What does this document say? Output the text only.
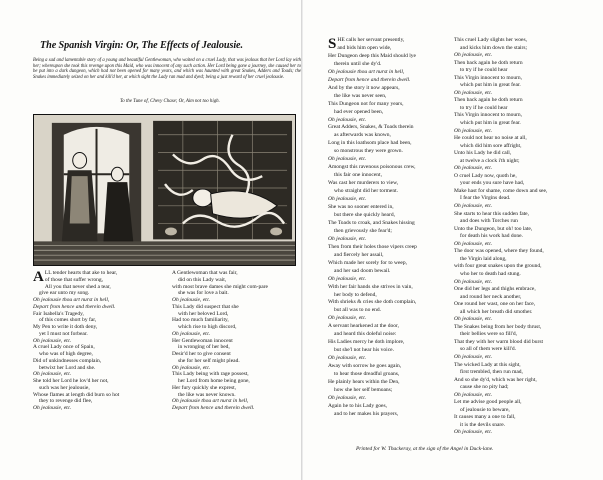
The Spanish Virgin: Or, The Effects of Jealousie.
Being a sad and lamentable story of a young and beautiful Gentlewoman, who waited on a cruel Lady, that was jealous that her Lord lay with her; whereupon she took this revenge upon this Maid, who was innocent of any such action. Her Lord being gone a journey, she caused her to be put into a dark dungeon, which had not been opened for many years, and which was haunted with great Snakes, Adders and Toads; the Snakes immediately seized on her and kill'd her, at which sight the Lady ran mad and dyed; being a just reward of her cruel jealousie.
To the Tune of, Chevy Chase; Or, Aim not too high.
ALL tender hearts that ake to hear,
of those that suffer wrong,
All you that never shed a tear,
give ear unto my song.
Oh jealousie thou art nurst in hell,
Depart from hence and therein dwell.
Fair Isabella's Tragedy,
of this comes short by far,
My Pen to write it doth deny,
yet I must not forbear.
Oh jealousie, etc.
A cruel Lady once of Spain,
who was of high degree,
Did of unkindnesses complain,
betwixt her Lord and she.
Oh jealousie, etc.
She told her Lord he lov'd her not,
such was her jealousie,
Whose flames at length did burn so hot
they to revenge did flee,
Oh jealousie, etc.
A Gentlewoman that was fair,
did on this Lady wait,
with most brave dames she might com-pare
she was for love a bait.
Oh jealousie, etc.
This Lady did suspect that she
with her beloved Lord,
Had too much familiarity,
which rise to high discord,
Oh jealousie, etc.
Her Gentlewoman innocent
in wronging of her bed,
Desir'd her to give consent
she for her self might plead.
Oh jealousie, etc.
This Lady being with rage possest,
her Lord from home being gone,
Her fury quickly she exprest,
the like was never known.
Oh jealousie thou art nurst in hell,
Depart from hence and therein dwell.
SHE calls her servant presently,
and bids him open wide,
Her Dungeon deep this Maid should lye
therein until she dy'd.
Oh jealousie thou art nurst in hell,
Depart from hence and therein dwell.
And by the story it now appears,
the like was never seen,
This Dungeon not for many years,
had ever opened been,
Oh jealousie, etc.
Great Adders, Snakes, & Toads therein
as afterwards was known,
Long in this loathsom place had been,
so monstrous they were grown.
Oh jealousie, etc.
Amongst this ravenous poisonous crew,
this fair one innocent,
Was cast her murderers to view,
who straight did her torment.
Oh jealousie, etc.
She was no sooner entered in,
but there she quickly heard,
The Toads to croak, and Snakes hissing
then grievously she fear'd;
Oh jealousie, etc.
Then from their holes those vipers creep
and fiercely her assail,
Which made her sorely for to weep,
and her sad doom bewail.
Oh jealousie, etc.
With her fair hands she strives in vain,
her body to defend,
With shrieks & cries she doth complain,
but all was to no end.
Oh jealousie, etc.
A servant hearkened at the door,
and heard this doleful noise:
His Ladies mercy he doth implore,
but she'l not hear his voice.
Oh jealousie, etc.
Away with sorrow he goes again,
to hear those dreadful groans,
He plainly hears within the Den,
how she her self bemoans;
Oh jealousie, etc.
Again he to his Lady goes,
and to her makes his prayers,
This cruel Lady slights her woes,
and kicks him down the stairs;
Oh jealousie, etc.
Then back again he doth return
to try if he could hear
This Virgin innocent to mourn,
which put him in great fear.
Oh jealousie, etc.
Then back again he doth return
to try if he could hear
This Virgin innocent to mourn,
which put him in great fear.
Oh jealousie, etc.
He could not hear no noise at all,
which did him sore affright,
Unto his Lady he did call,
at twelve a clock i'th night;
Oh jealousie, etc.
O cruel Lady now, quoth he,
your ends you sure have had,
Make hast for shame, come down and see,
I fear the Virgins dead.
Oh jealousie, etc.
She starts to hear this sudden fate,
and does with Torches run
Unto the Dungeon, but oh! too late,
for death his work had done.
Oh jealousie, etc.
The door was opened, where they found,
the Virgin laid along,
with four great snakes upon the ground,
who her to death had stung.
Oh jealousie, etc.
One did her legs and thighs embrace,
and round her neck another,
One round her wast, one on her face,
all which her breath did smother.
Oh jealousie, etc.
The Snakes being from her body thrust,
their bellies were so fill'd,
That they with her warm blood did burst
so all of them were kill'd.
Oh jealousie, etc.
The wicked Lady at this sight,
first trembled, then run mad,
And so she dy'd, which was her right,
cause she no pity had;
Oh jealousie, etc.
Let me advise good people all,
of jealousie to beware,
It causes many a one to fall,
it is the devils snare.
Oh jealousie, etc.
Printed for W. Thackeray, at the sign of the Angel in Duck-lane.
